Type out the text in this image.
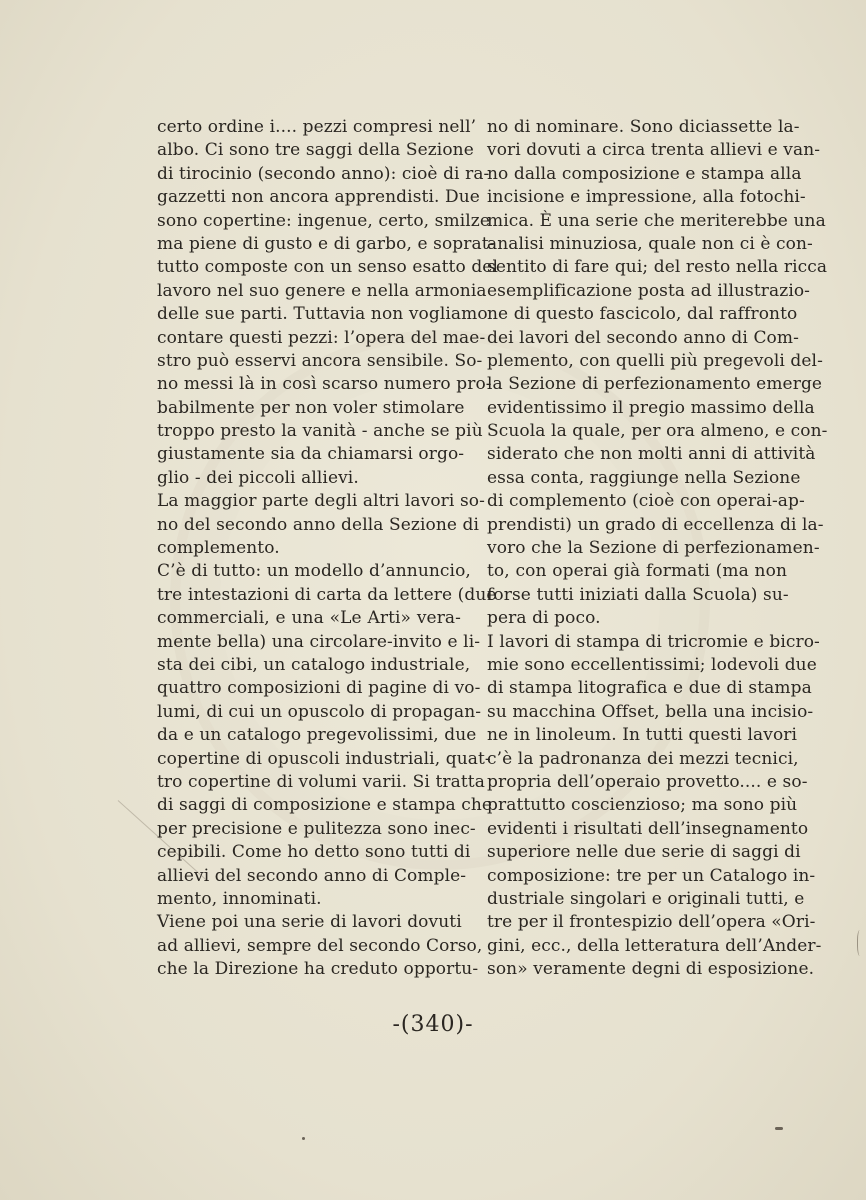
certo ordine i.... pezzi compresi nell’
albo. Ci sono tre saggi della Sezione
di tirocinio (secondo anno): cioè di ra-
gazzetti non ancora apprendisti. Due
sono copertine: ingenue, certo, smilze
ma piene di gusto e di garbo, e soprat-
tutto composte con un senso esatto del
lavoro nel suo genere e nella armonia
delle sue parti. Tuttavia non vogliamo
contare questi pezzi: l’opera del mae-
stro può esservi ancora sensibile. So-
no messi là in così scarso numero pro-
babilmente per non voler stimolare
troppo presto la vanità - anche se più
giustamente sia da chiamarsi orgo-
glio - dei piccoli allievi.
La maggior parte degli altri lavori so-
no del secondo anno della Sezione di
complemento.
C’è di tutto: un modello d’annuncio,
tre intestazioni di carta da lettere (due
commerciali, e una «Le Arti» vera-
mente bella) una circolare-invito e li-
sta dei cibi, un catalogo industriale,
quattro composizioni di pagine di vo-
lumi, di cui un opuscolo di propagan-
da e un catalogo pregevolissimi, due
copertine di opuscoli industriali, quat-
tro copertine di volumi varii. Si tratta
di saggi di composizione e stampa che
per precisione e pulitezza sono inec-
cepibili. Come ho detto sono tutti di
allievi del secondo anno di Comple-
mento, innominati.
Viene poi una serie di lavori dovuti
ad allievi, sempre del secondo Corso,
che la Direzione ha creduto opportu-
no di nominare. Sono diciassette la-
vori dovuti a circa trenta allievi e van-
no dalla composizione e stampa alla
incisione e impressione, alla fotochi-
mica. È una serie che meriterebbe una
analisi minuziosa, quale non ci è con-
sentito di fare qui; del resto nella ricca
esemplificazione posta ad illustrazio-
ne di questo fascicolo, dal raffronto
dei lavori del secondo anno di Com-
plemento, con quelli più pregevoli del-
la Sezione di perfezionamento emerge
evidentissimo il pregio massimo della
Scuola la quale, per ora almeno, e con-
siderato che non molti anni di attività
essa conta, raggiunge nella Sezione
di complemento (cioè con operai-ap-
prendisti) un grado di eccellenza di la-
voro che la Sezione di perfezionamen-
to, con operai già formati (ma non
forse tutti iniziati dalla Scuola) su-
pera di poco.
I lavori di stampa di tricromie e bicro-
mie sono eccellentissimi; lodevoli due
di stampa litografica e due di stampa
su macchina Offset, bella una incisio-
ne in linoleum. In tutti questi lavori
c’è la padronanza dei mezzi tecnici,
propria dell’operaio provetto.... e so-
prattutto coscienzioso; ma sono più
evidenti i risultati dell’insegnamento
superiore nelle due serie di saggi di
composizione: tre per un Catalogo in-
dustriale singolari e originali tutti, e
tre per il frontespizio dell’opera «Ori-
gini, ecc., della letteratura dell’Ander-
son» veramente degni di esposizione.
-(340)-
